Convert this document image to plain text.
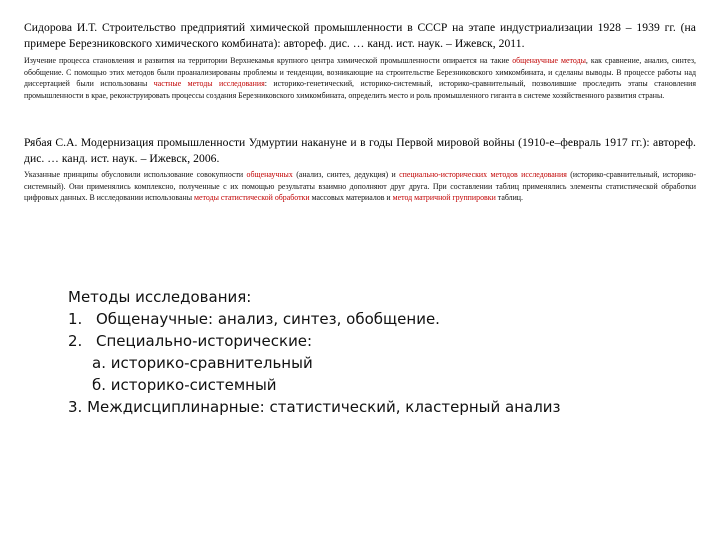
Сидорова И.Т. Строительство предприятий химической промышленности в СССР на этапе индустриализации 1928 – 1939 гг. (на примере Березниковского химического комбината): автореф. дис. … канд. ист. наук. – Ижевск, 2011.
Изучение процесса становления и развития на территории Верхнекамья крупного центра химической промышленности опирается на такие общенаучные методы, как сравнение, анализ, синтез, обобщение. С помощью этих методов были проанализированы проблемы и тенденции, возникающие на строительстве Березниковского химкомбината, и сделаны выводы. В процессе работы над диссертацией были использованы частные методы исследования: историко-генетический, историко-системный, историко-сравнительный, позволившие проследить этапы становления промышленности в крае, реконструировать процессы создания Березниковского химкомбината, определить место и роль промышленного гиганта в системе хозяйственного развития страны.
Рябая С.А. Модернизация промышленности Удмуртии накануне и в годы Первой мировой войны (1910-е–февраль 1917 гг.): автореф. дис. … канд. ист. наук. – Ижевск, 2006.
Указанные принципы обусловили использование совокупности общенаучных (анализ, синтез, дедукция) и специально-исторических методов исследования (историко-сравнительный, историко-системный). Они применялись комплексно, полученные с их помощью результаты взаимно дополняют друг друга. При составлении таблиц применялись элементы статистической обработки цифровых данных. В исследовании использованы методы статистической обработки массовых материалов и метод матричной группировки таблиц.
Методы исследования:
1. Общенаучные: анализ, синтез, обобщение.
2. Специально-исторические:
а. историко-сравнительный
б. историко-системный
3. Междисциплинарные: статистический, кластерный анализ
